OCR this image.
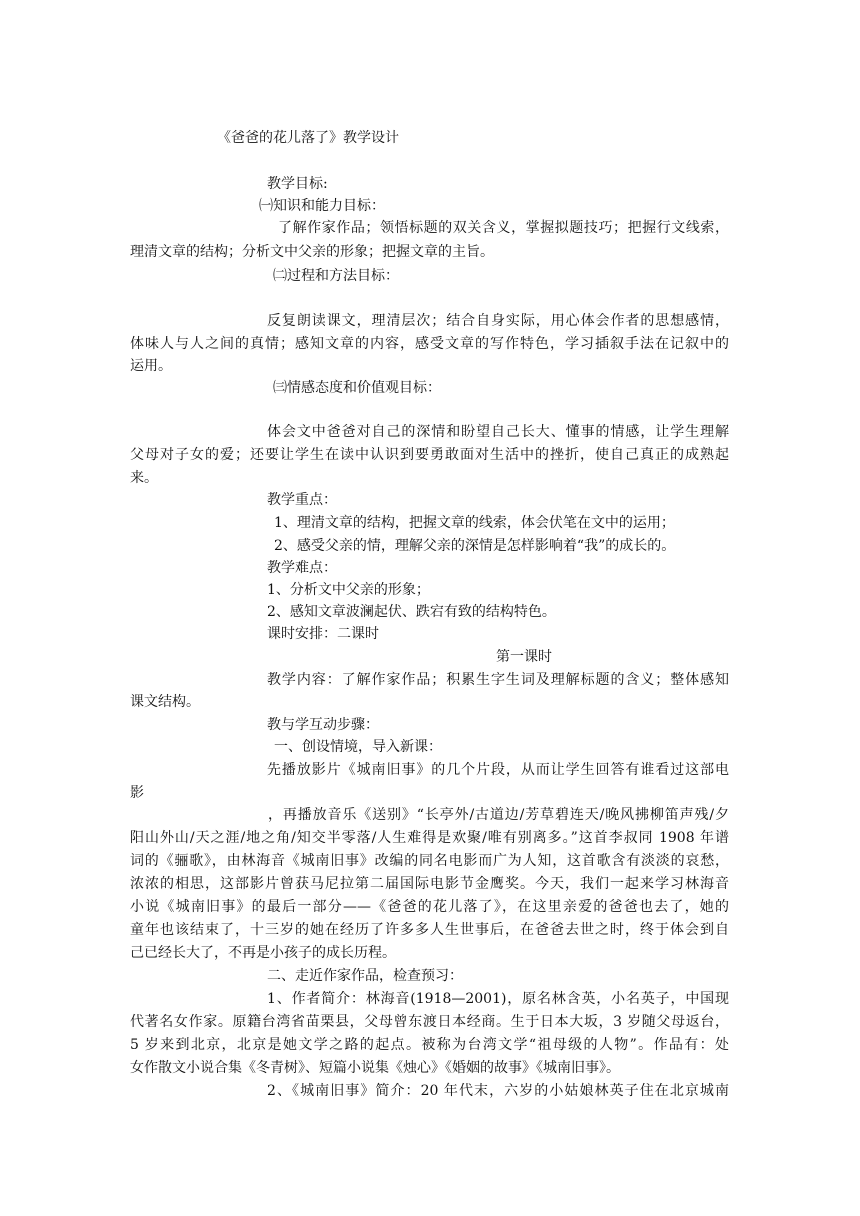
《爸爸的花儿落了》教学设计
教学目标:
㈠知识和能力目标：
了解作家作品；领悟标题的双关含义，掌握拟题技巧；把握行文线索，
理清文章的结构；分析文中父亲的形象；把握文章的主旨。
㈡过程和方法目标：
反复朗读课文，理清层次；结合自身实际，用心体会作者的思想感情，
体味人与人之间的真情；感知文章的内容，感受文章的写作特色，学习插叙手法在记叙中的
运用。
㈢情感态度和价值观目标：
体会文中爸爸对自己的深情和盼望自己长大、懂事的情感，让学生理解
父母对子女的爱；还要让学生在读中认识到要勇敢面对生活中的挫折，使自己真正的成熟起
来。
教学重点：
1、理清文章的结构，把握文章的线索，体会伏笔在文中的运用；
2、感受父亲的情，理解父亲的深情是怎样影响着“我”的成长的。
教学难点：
1、分析文中父亲的形象；
2、感知文章波澜起伏、跌宕有致的结构特色。
课时安排：二课时
第一课时
教学内容：了解作家作品；积累生字生词及理解标题的含义；整体感知
课文结构。
教与学互动步骤：
一、创设情境，导入新课：
先播放影片《城南旧事》的几个片段，从而让学生回答有谁看过这部电
影
，再播放音乐《送别》“长亭外/古道边/芳草碧连天/晚风拂柳笛声残/夕
阳山外山/天之涯/地之角/知交半零落/人生难得是欢聚/唯有别离多。”这首李叔同 1908 年谱
词的《骊歌》，由林海音《城南旧事》改编的同名电影而广为人知，这首歌含有淡淡的哀愁，
浓浓的相思，这部影片曾获马尼拉第二届国际电影节金鹰奖。今天，我们一起来学习林海音
小说《城南旧事》的最后一部分——《爸爸的花儿落了》，在这里亲爱的爸爸也去了，她的
童年也该结束了，十三岁的她在经历了许多多人生世事后，在爸爸去世之时，终于体会到自
己已经长大了，不再是小孩子的成长历程。
二、走近作家作品，检查预习：
1、作者简介：林海音(1918—2001)，原名林含英，小名英子，中国现
代著名女作家。原籍台湾省苗栗县，父母曾东渡日本经商。生于日本大坂，3 岁随父母返台，
5 岁来到北京，北京是她文学之路的起点。被称为台湾文学“祖母级的人物”。作品有：处
女作散文小说合集《冬青树》、短篇小说集《烛心》《婚姻的故事》《城南旧事》。
2、《城南旧事》简介：20 年代末，六岁的小姑娘林英子住在北京城南
